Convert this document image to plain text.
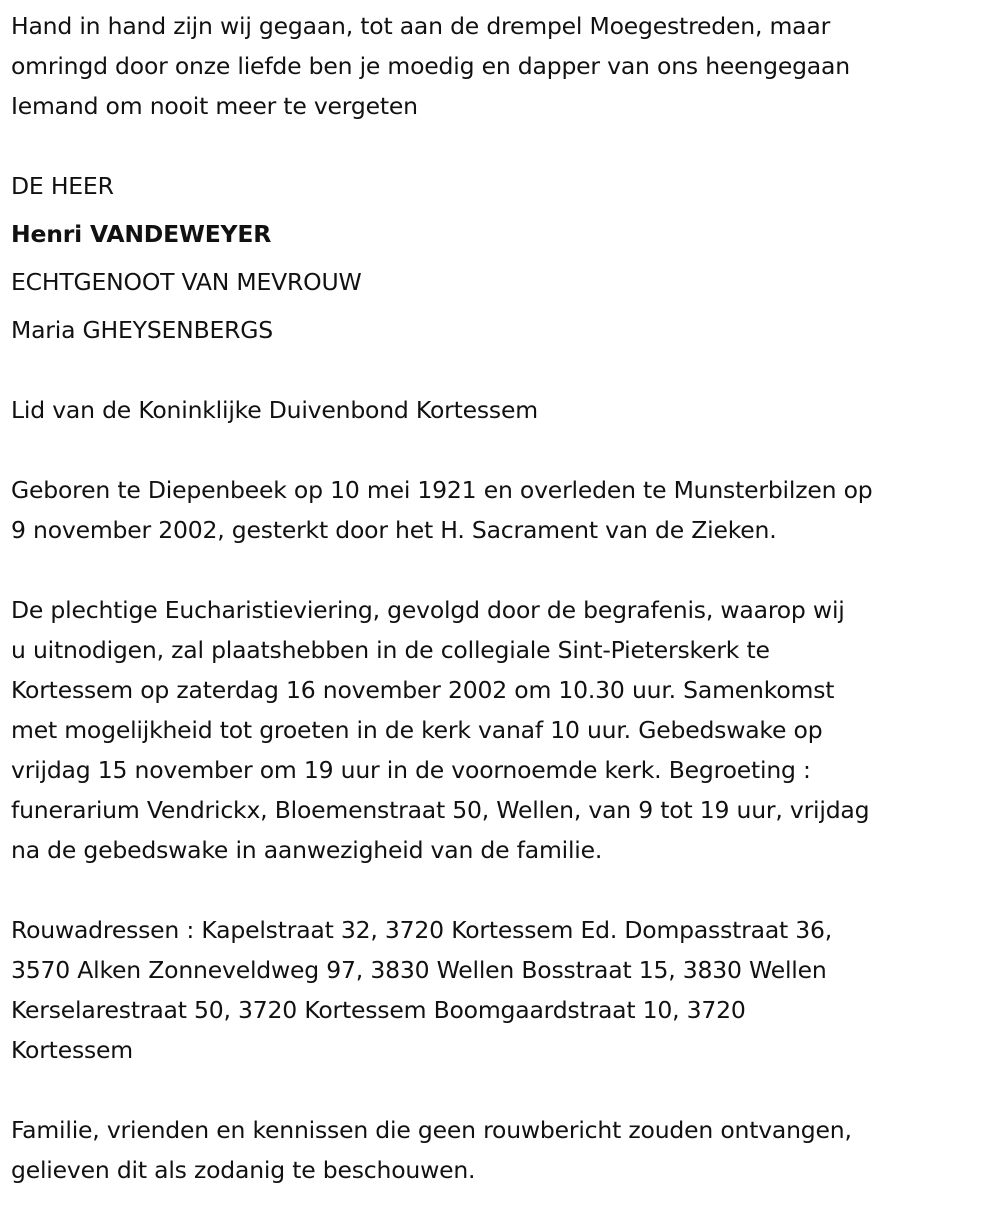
Hand in hand zijn wij gegaan, tot aan de drempel Moegestreden, maar

omringd door onze liefde ben je moedig en dapper van ons heengegaan

Iemand om nooit meer te vergeten

DE HEER

Henri VANDEWEYER

ECHTGENOOT VAN MEVROUW

Maria GHEYSENBERGS

Lid van de Koninklijke Duivenbond Kortessem

Geboren te Diepenbeek op 10 mei 1921 en overleden te Munsterbilzen op

9 november 2002, gesterkt door het H. Sacrament van de Zieken.

De plechtige Eucharistieviering, gevolgd door de begrafenis, waarop wij

u uitnodigen, zal plaatshebben in de collegiale Sint-Pieterskerk te

Kortessem op zaterdag 16 november 2002 om 10.30 uur. Samenkomst

met mogelijkheid tot groeten in de kerk vanaf 10 uur. Gebedswake op

vrijdag 15 november om 19 uur in de voornoemde kerk. Begroeting :

funerarium Vendrickx, Bloemenstraat 50, Wellen, van 9 tot 19 uur, vrijdag

na de gebedswake in aanwezigheid van de familie.

Rouwadressen : Kapelstraat 32, 3720 Kortessem Ed. Dompasstraat 36,

3570 Alken Zonneveldweg 97, 3830 Wellen Bosstraat 15, 3830 Wellen

Kerselarestraat 50, 3720 Kortessem Boomgaardstraat 10, 3720

Kortessem

Familie, vrienden en kennissen die geen rouwbericht zouden ontvangen,

gelieven dit als zodanig te beschouwen.
